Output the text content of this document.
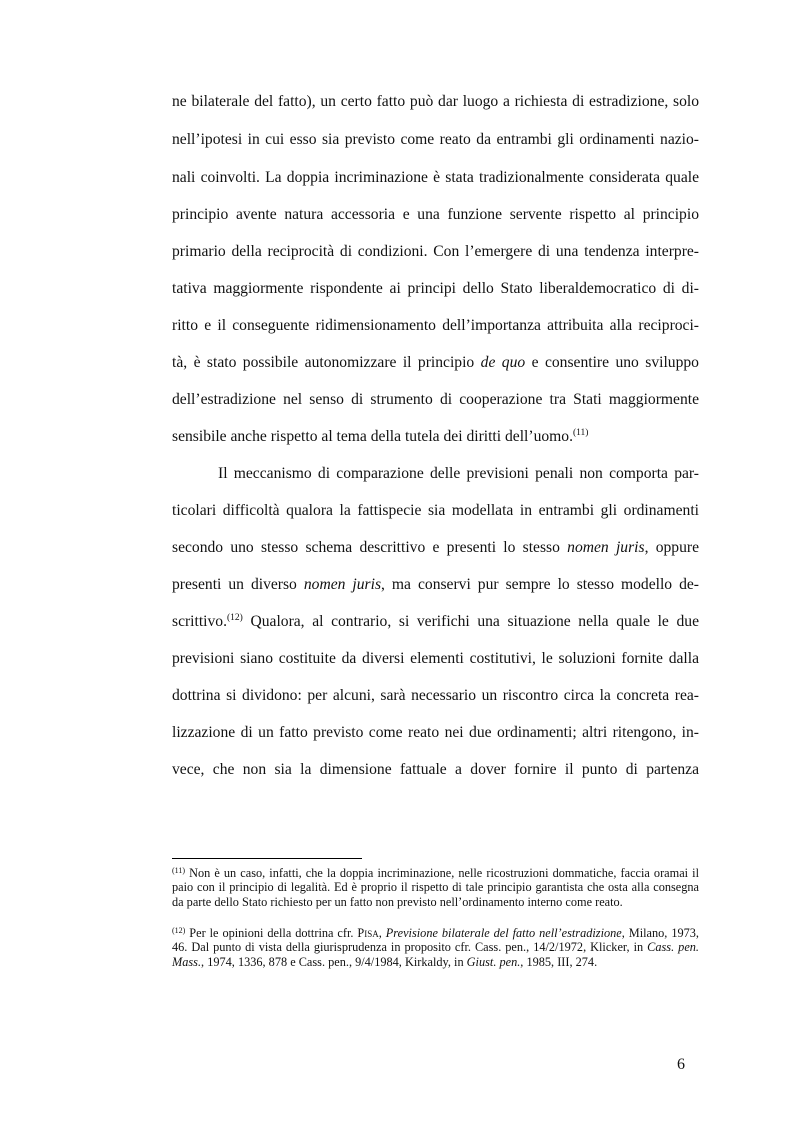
ne bilaterale del fatto), un certo fatto può dar luogo a richiesta di estradizione, solo
nell’ipotesi in cui esso sia previsto come reato da entrambi gli ordinamenti nazio-
nali coinvolti. La doppia incriminazione è stata tradizionalmente considerata quale
principio avente natura accessoria e una funzione servente rispetto al principio
primario della reciprocità di condizioni. Con l’emergere di una tendenza interpre-
tativa maggiormente rispondente ai principi dello Stato liberaldemocratico di di-
ritto e il conseguente ridimensionamento dell’importanza attribuita alla reciproci-
tà, è stato possibile autonomizzare il principio de quo e consentire uno sviluppo
dell’estradizione nel senso di strumento di cooperazione tra Stati maggiormente
sensibile anche rispetto al tema della tutela dei diritti dell’uomo.$^{(11)}$
Il meccanismo di comparazione delle previsioni penali non comporta par-
ticolari difficoltà qualora la fattispecie sia modellata in entrambi gli ordinamenti
secondo uno stesso schema descrittivo e presenti lo stesso nomen juris, oppure
presenti un diverso nomen juris, ma conservi pur sempre lo stesso modello de-
scrittivo.$^{(12)}$ Qualora, al contrario, si verifichi una situazione nella quale le due
previsioni siano costituite da diversi elementi costitutivi, le soluzioni fornite dalla
dottrina si dividono: per alcuni, sarà necessario un riscontro circa la concreta rea-
lizzazione di un fatto previsto come reato nei due ordinamenti; altri ritengono, in-
vece, che non sia la dimensione fattuale a dover fornire il punto di partenza
$^{(11)}$ Non è un caso, infatti, che la doppia incriminazione, nelle ricostruzioni dommatiche, faccia oramai il paio con il principio di legalità. Ed è proprio il rispetto di tale principio garantista che osta alla consegna da parte dello Stato richiesto per un fatto non previsto nell’ordinamento interno come reato.
$^{(12)}$ Per le opinioni della dottrina cfr. Pisa, Previsione bilaterale del fatto nell’estradizione, Milano, 1973, 46. Dal punto di vista della giurisprudenza in proposito cfr. Cass. pen., 14/2/1972, Klicker, in Cass. pen. Mass., 1974, 1336, 878 e Cass. pen., 9/4/1984, Kirkaldy, in Giust. pen., 1985, III, 274.
6
